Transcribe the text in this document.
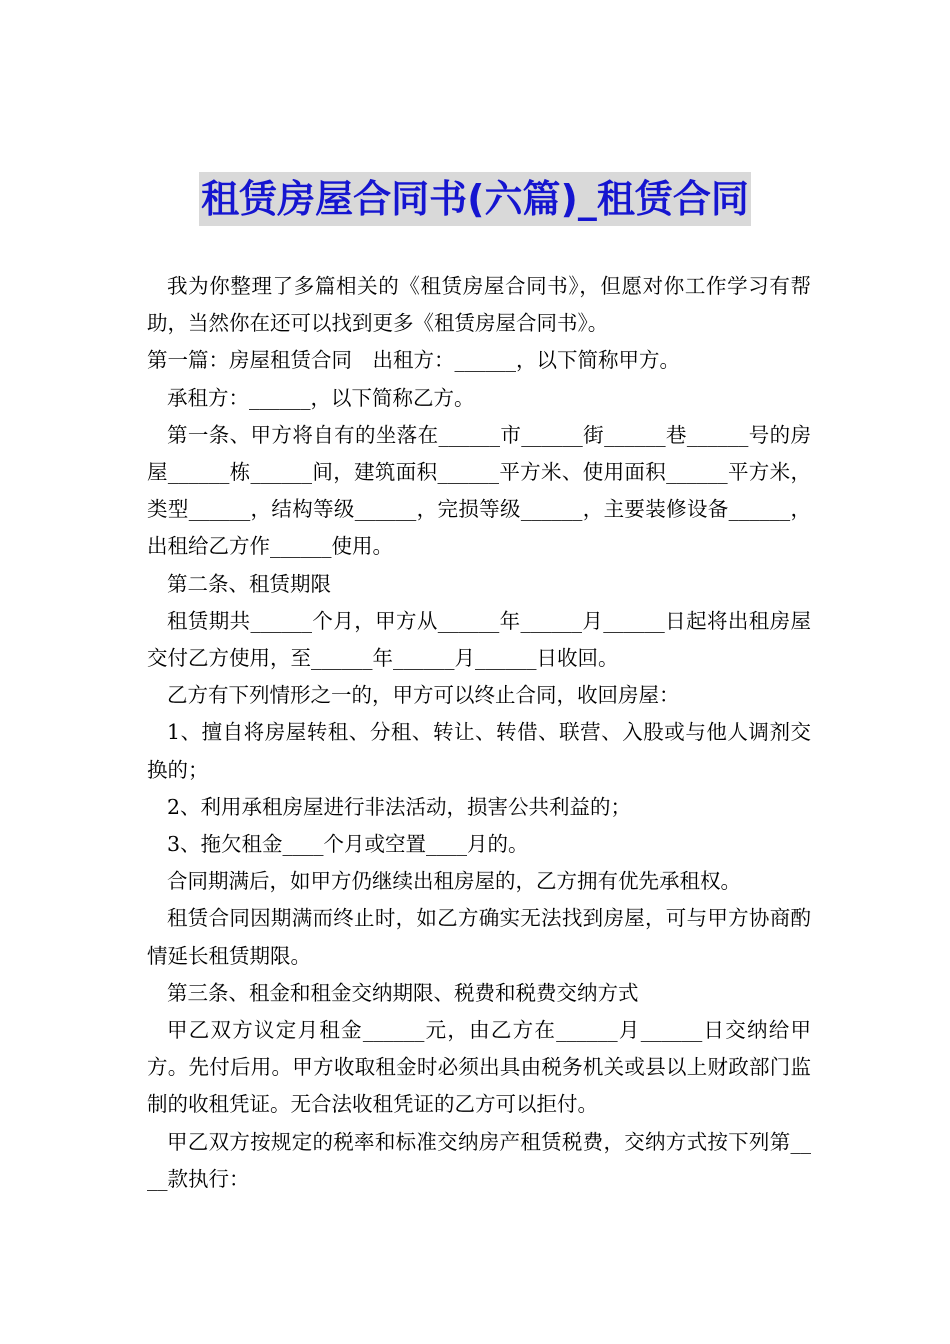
租赁房屋合同书(六篇)_租赁合同

我为你整理了多篇相关的《租赁房屋合同书》，但愿对你工作学习有帮助，当然你在还可以找到更多《租赁房屋合同书》。

第一篇：房屋租赁合同　出租方：______，以下简称甲方。

承租方：______，以下简称乙方。

第一条、甲方将自有的坐落在______市______街______巷______号的房屋______栋______间，建筑面积______平方米、使用面积______平方米，类型______，结构等级______，完损等级______，主要装修设备______，出租给乙方作______使用。

第二条、租赁期限

租赁期共______个月，甲方从______年______月______日起将出租房屋交付乙方使用，至______年______月______日收回。

乙方有下列情形之一的，甲方可以终止合同，收回房屋：

1、擅自将房屋转租、分租、转让、转借、联营、入股或与他人调剂交换的；

2、利用承租房屋进行非法活动，损害公共利益的；

3、拖欠租金____个月或空置____月的。

合同期满后，如甲方仍继续出租房屋的，乙方拥有优先承租权。

租赁合同因期满而终止时，如乙方确实无法找到房屋，可与甲方协商酌情延长租赁期限。

第三条、租金和租金交纳期限、税费和税费交纳方式

甲乙双方议定月租金______元，由乙方在______月______日交纳给甲方。先付后用。甲方收取租金时必须出具由税务机关或县以上财政部门监制的收租凭证。无合法收租凭证的乙方可以拒付。

甲乙双方按规定的税率和标准交纳房产租赁税费，交纳方式按下列第____款执行：
